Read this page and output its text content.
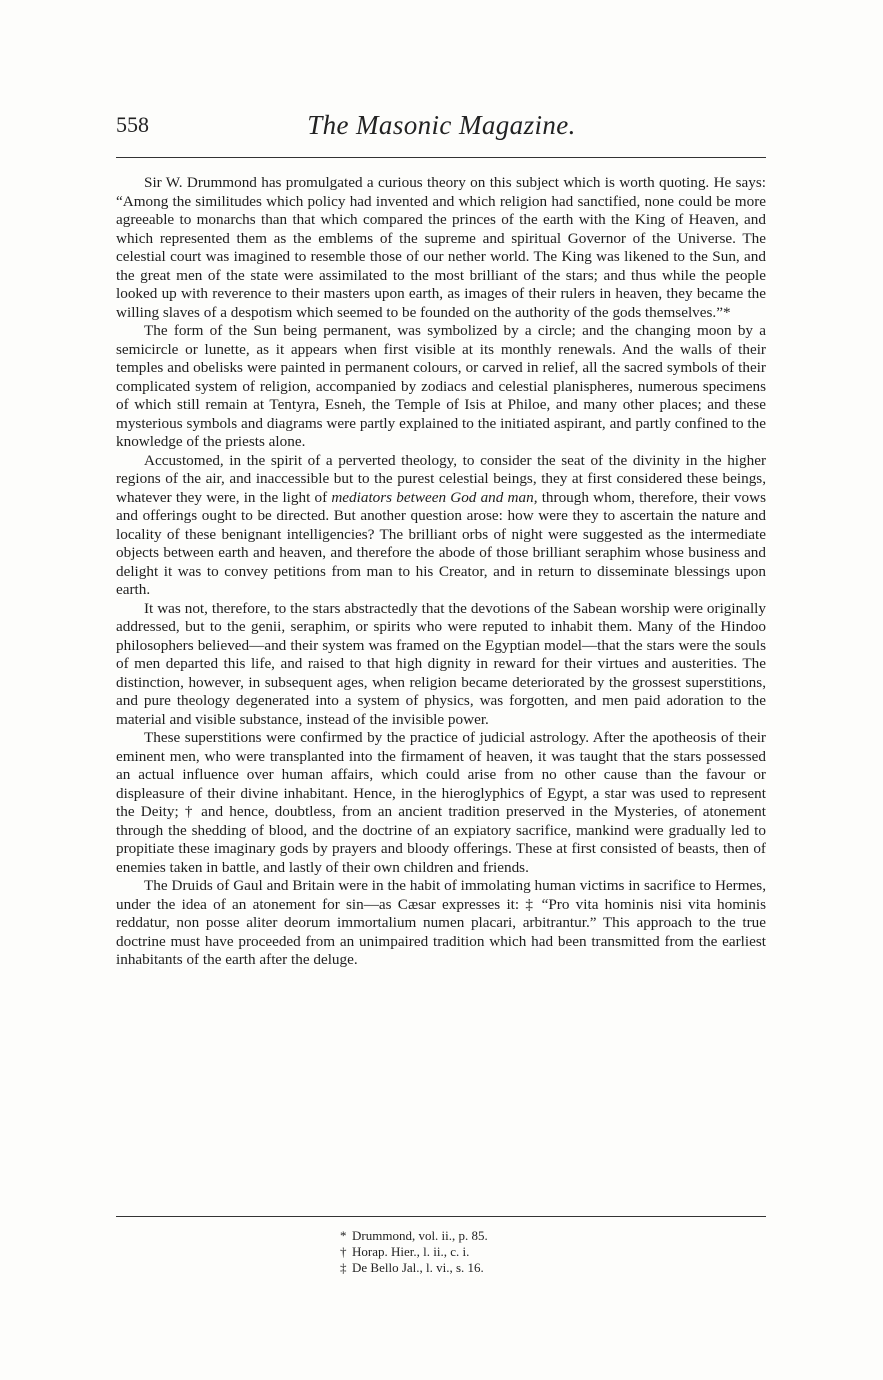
558	The Masonic Magazine.

Sir W. Drummond has promulgated a curious theory on this subject which is worth quoting. He says: “Among the similitudes which policy had invented and which religion had sanctified, none could be more agreeable to monarchs than that which compared the princes of the earth with the King of Heaven, and which represented them as the emblems of the supreme and spiritual Governor of the Universe. The celestial court was imagined to resemble those of our nether world. The King was likened to the Sun, and the great men of the state were assimilated to the most brilliant of the stars; and thus while the people looked up with reverence to their masters upon earth, as images of their rulers in heaven, they became the willing slaves of a despotism which seemed to be founded on the authority of the gods themselves.”*

The form of the Sun being permanent, was symbolized by a circle; and the changing moon by a semicircle or lunette, as it appears when first visible at its monthly renewals. And the walls of their temples and obelisks were painted in permanent colours, or carved in relief, all the sacred symbols of their complicated system of religion, accompanied by zodiacs and celestial planispheres, numerous specimens of which still remain at Tentyra, Esneh, the Temple of Isis at Philoe, and many other places; and these mysterious symbols and diagrams were partly explained to the initiated aspirant, and partly confined to the knowledge of the priests alone.

Accustomed, in the spirit of a perverted theology, to consider the seat of the divinity in the higher regions of the air, and inaccessible but to the purest celestial beings, they at first considered these beings, whatever they were, in the light of mediators between God and man, through whom, therefore, their vows and offerings ought to be directed. But another question arose: how were they to ascertain the nature and locality of these benignant intelligencies? The brilliant orbs of night were suggested as the intermediate objects between earth and heaven, and therefore the abode of those brilliant seraphim whose business and delight it was to convey petitions from man to his Creator, and in return to disseminate blessings upon earth.

It was not, therefore, to the stars abstractedly that the devotions of the Sabean worship were originally addressed, but to the genii, seraphim, or spirits who were reputed to inhabit them. Many of the Hindoo philosophers believed—and their system was framed on the Egyptian model—that the stars were the souls of men departed this life, and raised to that high dignity in reward for their virtues and austerities. The distinction, however, in subsequent ages, when religion became deteriorated by the grossest superstitions, and pure theology degenerated into a system of physics, was forgotten, and men paid adoration to the material and visible substance, instead of the invisible power.

These superstitions were confirmed by the practice of judicial astrology. After the apotheosis of their eminent men, who were transplanted into the firmament of heaven, it was taught that the stars possessed an actual influence over human affairs, which could arise from no other cause than the favour or displeasure of their divine inhabitant. Hence, in the hieroglyphics of Egypt, a star was used to represent the Deity; † and hence, doubtless, from an ancient tradition preserved in the Mysteries, of atonement through the shedding of blood, and the doctrine of an expiatory sacrifice, mankind were gradually led to propitiate these imaginary gods by prayers and bloody offerings. These at first consisted of beasts, then of enemies taken in battle, and lastly of their own children and friends.

The Druids of Gaul and Britain were in the habit of immolating human victims in sacrifice to Hermes, under the idea of an atonement for sin—as Cæsar expresses it: ‡ “Pro vita hominis nisi vita hominis reddatur, non posse aliter deorum immortalium numen placari, arbitrantur.” This approach to the true doctrine must have proceeded from an unimpaired tradition which had been transmitted from the earliest inhabitants of the earth after the deluge.

* Drummond, vol. ii., p. 85.
† Horap. Hier., l. ii., c. i.
‡ De Bello Jal., l. vi., s. 16.
